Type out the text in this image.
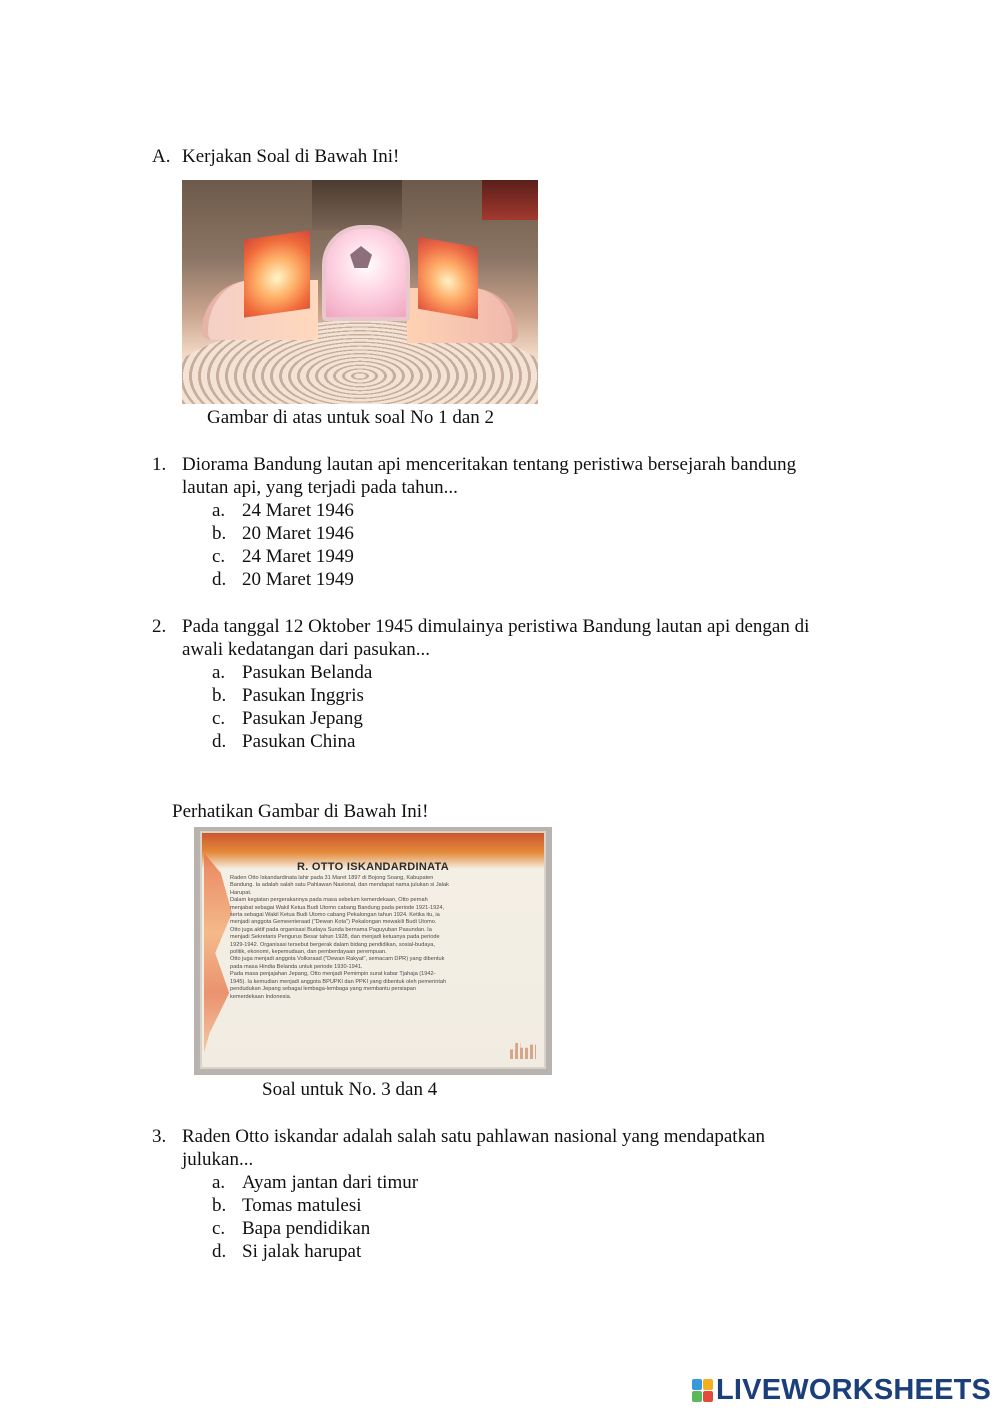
A. Kerjakan Soal di Bawah Ini!
Gambar di atas untuk soal No 1 dan 2
1. Diorama Bandung lautan api menceritakan tentang peristiwa bersejarah bandung
lautan api, yang terjadi pada tahun...
a. 24 Maret 1946
b. 20 Maret 1946
c. 24 Maret 1949
d. 20 Maret 1949
2. Pada tanggal 12 Oktober 1945 dimulainya peristiwa Bandung lautan api dengan di
awali kedatangan dari pasukan...
a. Pasukan Belanda
b. Pasukan Inggris
c. Pasukan Jepang
d. Pasukan China
Perhatikan Gambar di Bawah Ini!
R. OTTO ISKANDARDINATA
Raden Otto Iskandardinata lahir pada 31 Maret 1897 di Bojong Soang, Kabupaten
Bandung. Ia adalah salah satu Pahlawan Nasional, dan mendapat nama julukan si Jalak
Harupat.
Dalam kegiatan pergerakannya pada masa sebelum kemerdekaan, Otto pernah
menjabat sebagai Wakil Ketua Budi Utomo cabang Bandung pada periode 1921-1924,
serta sebagai Wakil Ketua Budi Utomo cabang Pekalongan tahun 1924. Ketika itu, ia
menjadi anggota Gemeenteraad ("Dewan Kota") Pekalongan mewakili Budi Utomo.
Otto juga aktif pada organisasi Budaya Sunda bernama Paguyuban Pasundan. Ia
menjadi Sekretaris Pengurus Besar tahun 1928, dan menjadi ketuanya pada periode
1929-1942. Organisasi tersebut bergerak dalam bidang pendidikan, sosial-budaya,
politik, ekonomi, kepemudaan, dan pemberdayaan perempuan.
Otto juga menjadi anggota Volksraad ("Dewan Rakyat", semacam DPR) yang dibentuk
pada masa Hindia Belanda untuk periode 1930-1941.
Pada masa penjajahan Jepang, Otto menjadi Pemimpin surat kabar Tjahaja (1942-
1945). Ia kemudian menjadi anggota BPUPKI dan PPKI yang dibentuk oleh pemerintah
pendudukan Jepang sebagai lembaga-lembaga yang membantu persiapan
kemerdekaan Indonesia.
Soal untuk No. 3 dan 4
3. Raden Otto iskandar adalah salah satu pahlawan nasional yang mendapatkan
julukan...
a. Ayam jantan dari timur
b. Tomas matulesi
c. Bapa pendidikan
d. Si jalak harupat
LIVEWORKSHEETS
